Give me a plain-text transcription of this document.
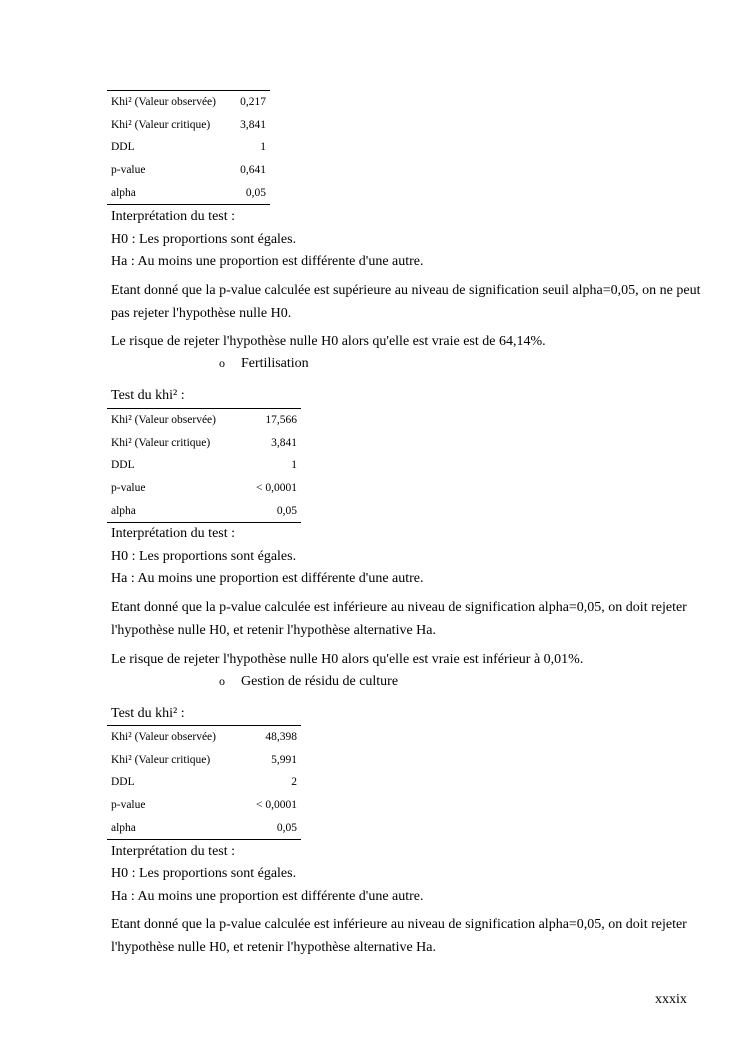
Khi² (Valeur observée)	0,217
Khi² (Valeur critique)	3,841
DDL	1
p-value	0,641
alpha	0,05
Interprétation du test :
H0 : Les proportions sont égales.
Ha : Au moins une proportion est différente d'une autre.
Etant donné que la p-value calculée est supérieure au niveau de signification seuil alpha=0,05, on ne peut pas rejeter l'hypothèse nulle H0.
Le risque de rejeter l'hypothèse nulle H0 alors qu'elle est vraie est de 64,14%.
o Fertilisation
Test du khi² :
Khi² (Valeur observée)	17,566
Khi² (Valeur critique)	3,841
DDL	1
p-value	< 0,0001
alpha	0,05
Interprétation du test :
H0 : Les proportions sont égales.
Ha : Au moins une proportion est différente d'une autre.
Etant donné que la p-value calculée est inférieure au niveau de signification alpha=0,05, on doit rejeter l'hypothèse nulle H0, et retenir l'hypothèse alternative Ha.
Le risque de rejeter l'hypothèse nulle H0 alors qu'elle est vraie est inférieur à 0,01%.
o Gestion de résidu de culture
Test du khi² :
Khi² (Valeur observée)	48,398
Khi² (Valeur critique)	5,991
DDL	2
p-value	< 0,0001
alpha	0,05
Interprétation du test :
H0 : Les proportions sont égales.
Ha : Au moins une proportion est différente d'une autre.
Etant donné que la p-value calculée est inférieure au niveau de signification alpha=0,05, on doit rejeter l'hypothèse nulle H0, et retenir l'hypothèse alternative Ha.
xxxix
